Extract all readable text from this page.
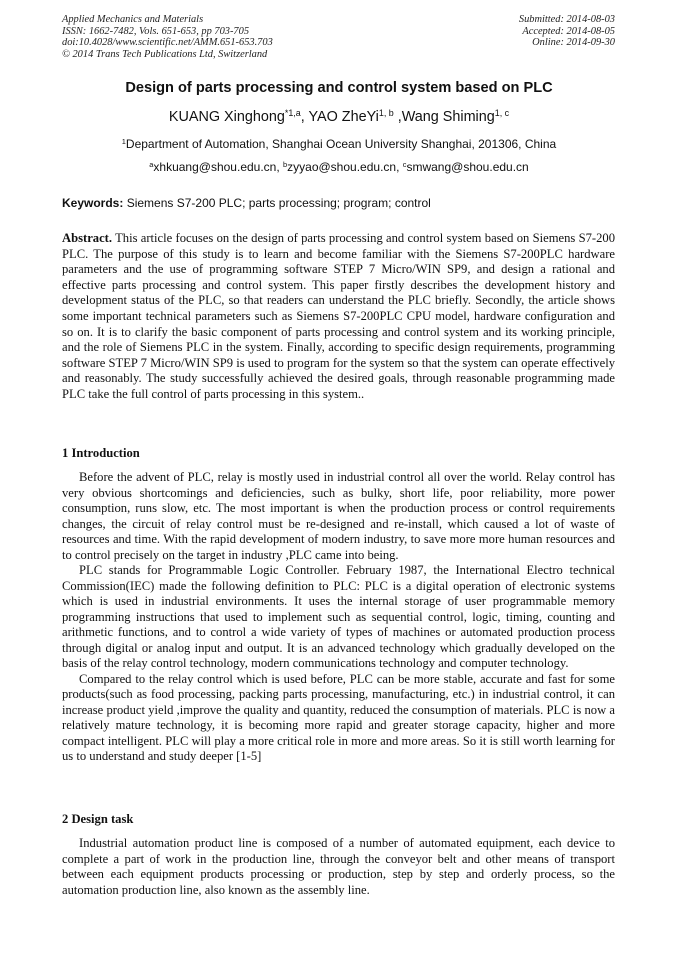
Applied Mechanics and Materials
ISSN: 1662-7482, Vols. 651-653, pp 703-705
doi:10.4028/www.scientific.net/AMM.651-653.703
© 2014 Trans Tech Publications Ltd, Switzerland
Submitted: 2014-08-03
Accepted: 2014-08-05
Online: 2014-09-30
Design of parts processing and control system based on PLC
KUANG Xinghong$^{*1,a}$, YAO ZheYi$^{1, b}$ ,Wang Shiming$^{1, c}$
$^1$Department of Automation, Shanghai Ocean University Shanghai, 201306, China
$^a$xhkuang@shou.edu.cn, $^b$zyyao@shou.edu.cn, $^c$smwang@shou.edu.cn
Keywords: Siemens S7-200 PLC; parts processing; program; control

Abstract. This article focuses on the design of parts processing and control system based on Siemens S7-200 PLC. The purpose of this study is to learn and become familiar with the Siemens S7-200PLC hardware parameters and the use of programming software STEP 7 Micro/WIN SP9, and design a rational and effective parts processing and control system. This paper firstly describes the development history and development status of the PLC, so that readers can understand the PLC briefly. Secondly, the article shows some important technical parameters such as Siemens S7-200PLC CPU model, hardware configuration and so on. It is to clarify the basic component of parts processing and control system and its working principle, and the role of Siemens PLC in the system. Finally, according to specific design requirements, programming software STEP 7 Micro/WIN SP9 is used to program for the system so that the system can operate effectively and reasonably. The study successfully achieved the desired goals, through reasonable programming made PLC take the full control of parts processing in this system..

1 Introduction

Before the advent of PLC, relay is mostly used in industrial control all over the world. Relay control has very obvious shortcomings and deficiencies, such as bulky, short life, poor reliability, more power consumption, runs slow, etc. The most important is when the production process or control requirements changes, the circuit of relay control must be re-designed and re-install, which caused a lot of waste of resources and time. With the rapid development of modern industry, to save more more human resources and to control precisely on the target in industry ,PLC came into being.

PLC stands for Programmable Logic Controller. February 1987, the International Electro technical Commission(IEC) made the following definition to PLC: PLC is a digital operation of electronic systems which is used in industrial environments. It uses the internal storage of user programmable memory programming instructions that used to implement such as sequential control, logic, timing, counting and arithmetic functions, and to control a wide variety of types of machines or automated production process through digital or analog input and output. It is an advanced technology which gradually developed on the basis of the relay control technology, modern communications technology and computer technology.

Compared to the relay control which is used before, PLC can be more stable, accurate and fast for some products(such as food processing, packing parts processing, manufacturing, etc.) in industrial control, it can increase product yield ,improve the quality and quantity, reduced the consumption of materials. PLC is now a relatively mature technology, it is becoming more rapid and greater storage capacity, higher and more compact intelligent. PLC will play a more critical role in more and more areas. So it is still worth learning for us to understand and study deeper [1-5]

2 Design task

Industrial automation product line is composed of a number of automated equipment, each device to complete a part of work in the production line, through the conveyor belt and other means of transport between each equipment products processing or production, step by step and orderly process, so the automation production line, also known as the assembly line.
